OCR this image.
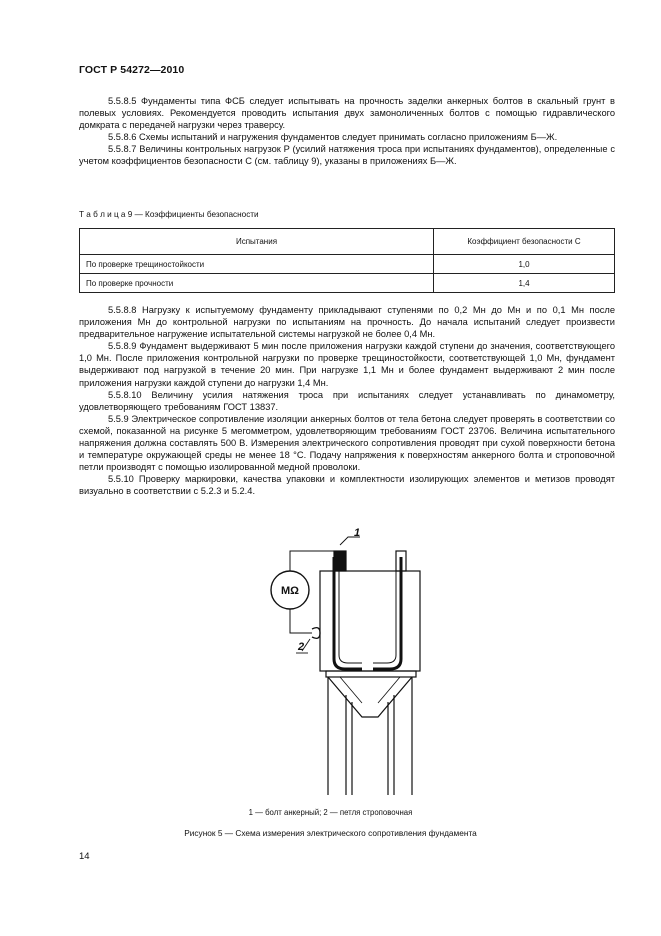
ГОСТ Р 54272—2010

5.5.8.5 Фундаменты типа ФСБ следует испытывать на прочность заделки анкерных болтов в скальный грунт в полевых условиях. Рекомендуется проводить испытания двух замоноличенных болтов с помощью гидравлического домкрата с передачей нагрузки через траверсу.

5.5.8.6 Схемы испытаний и нагружения фундаментов следует принимать согласно приложениям Б—Ж.

5.5.8.7 Величины контрольных нагрузок P (усилий натяжения троса при испытаниях фундаментов), определенные с учетом коэффициентов безопасности C (см. таблицу 9), указаны в приложениях Б—Ж.

Т а б л и ц а 9 — Коэффициенты безопасности
Испытания	Коэффициент безопасности C
По проверке трещиностойкости	1,0
По проверке прочности	1,4

5.5.8.8 Нагрузку к испытуемому фундаменту прикладывают ступенями по 0,2 Mн до Mн и по 0,1 Mн после приложения Mн до контрольной нагрузки по испытаниям на прочность. До начала испытаний следует произвести предварительное нагружение испытательной системы нагрузкой не более 0,4 Mн.

5.5.8.9 Фундамент выдерживают 5 мин после приложения нагрузки каждой ступени до значения, соответствующего 1,0 Mн. После приложения контрольной нагрузки по проверке трещиностойкости, соответствующей 1,0 Mн, фундамент выдерживают под нагрузкой в течение 20 мин. При нагрузке 1,1 Mн и более фундамент выдерживают 2 мин после приложения нагрузки каждой ступени до нагрузки 1,4 Mн.

5.5.8.10 Величину усилия натяжения троса при испытаниях следует устанавливать по динамометру, удовлетворяющего требованиям ГОСТ 13837.

5.5.9 Электрическое сопротивление изоляции анкерных болтов от тела бетона следует проверять в соответствии со схемой, показанной на рисунке 5 мегомметром, удовлетворяющим требованиям ГОСТ 23706. Величина испытательного напряжения должна составлять 500 В. Измерения электрического сопротивления проводят при сухой поверхности бетона и температуре окружающей среды не менее 18 °С. Подачу напряжения к поверхностям анкерного болта и строповочной петли производят с помощью изолированной медной проволоки.

5.5.10 Проверку маркировки, качества упаковки и комплектности изолирующих элементов и метизов проводят визуально в соответствии с 5.2.3 и 5.2.4.

MΩ
1
2
1 — болт анкерный; 2 — петля строповочная
Рисунок 5 — Схема измерения электрического сопротивления фундамента
14
